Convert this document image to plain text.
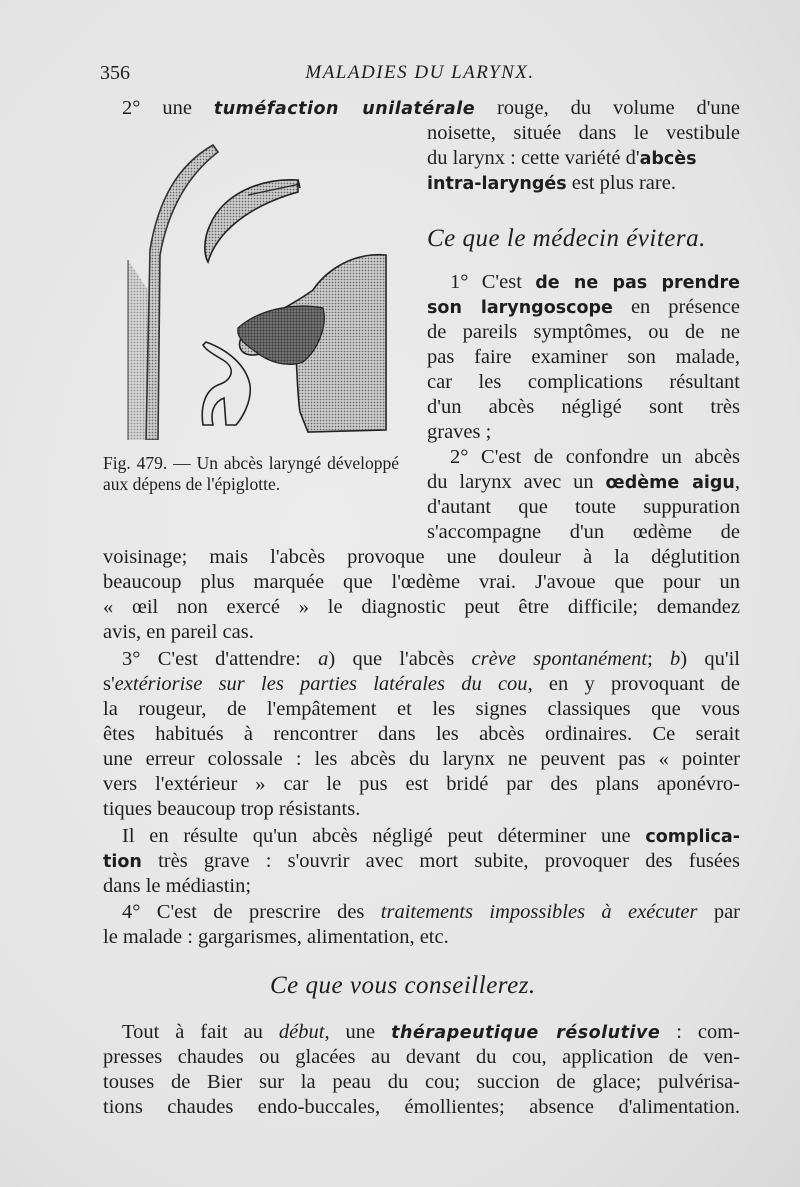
356	MALADIES DU LARYNX.

2° une tuméfaction unilatérale rouge, du volume d'une

noisette, située dans le vestibule

du larynx : cette variété d'abcès

intra-laryngés est plus rare.

Ce que le médecin évitera.

1° C'est de ne pas prendre

son laryngoscope en présence

de pareils symptômes, ou de ne

pas faire examiner son malade,

car les complications résultant

d'un abcès négligé sont très

graves ;

2° C'est de confondre un abcès

du larynx avec un œdème aigu,

d'autant que toute suppuration

s'accompagne d'un œdème de

voisinage; mais l'abcès provoque une douleur à la déglutition

beaucoup plus marquée que l'œdème vrai. J'avoue que pour un

« œil non exercé » le diagnostic peut être difficile; demandez

avis, en pareil cas.

3° C'est d'attendre: a) que l'abcès crève spontanément; b) qu'il

s'extériorise sur les parties latérales du cou, en y provoquant de

la rougeur, de l'empâtement et les signes classiques que vous

êtes habitués à rencontrer dans les abcès ordinaires. Ce serait

une erreur colossale : les abcès du larynx ne peuvent pas « pointer

vers l'extérieur » car le pus est bridé par des plans aponévro-

tiques beaucoup trop résistants.

Il en résulte qu'un abcès négligé peut déterminer une complica-

tion très grave : s'ouvrir avec mort subite, provoquer des fusées

dans le médiastin;

4° C'est de prescrire des traitements impossibles à exécuter par

le malade : gargarismes, alimentation, etc.

Ce que vous conseillerez.

Tout à fait au début, une thérapeutique résolutive : com-

presses chaudes ou glacées au devant du cou, application de ven-

touses de Bier sur la peau du cou; succion de glace; pulvérisa-

tions chaudes endo-buccales, émollientes; absence d'alimentation.

Fig. 479. — Un abcès laryngé développé aux dépens de l'épiglotte.
